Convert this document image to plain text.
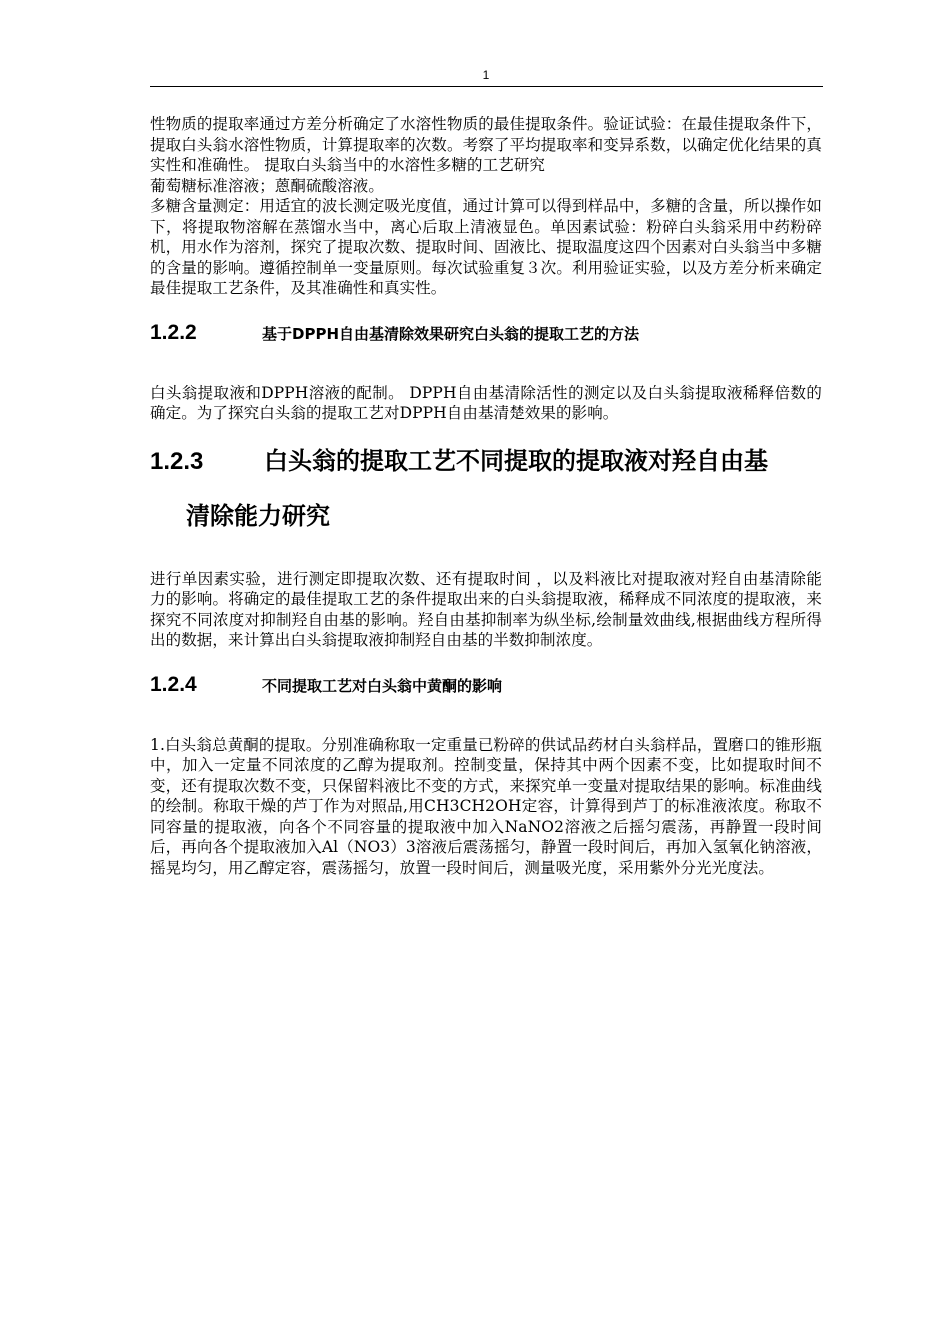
1

性物质的提取率通过方差分析确定了水溶性物质的最佳提取条件。验证试验：在最佳提取条件下，提取白头翁水溶性物质，计算提取率的次数。考察了平均提取率和变异系数，以确定优化结果的真实性和准确性。 提取白头翁当中的水溶性多糖的工艺研究

葡萄糖标准溶液；蒽酮硫酸溶液。

多糖含量测定：用适宜的波长测定吸光度值，通过计算可以得到样品中，多糖的含量，所以操作如下，将提取物溶解在蒸馏水当中，离心后取上清液显色。单因素试验：粉碎白头翁采用中药粉碎机，用水作为溶剂，探究了提取次数、提取时间、固液比、提取温度这四个因素对白头翁当中多糖的含量的影响。遵循控制单一变量原则。每次试验重复３次。利用验证实验，以及方差分析来确定最佳提取工艺条件，及其准确性和真实性。

1.2.2	基于DPPH自由基清除效果研究白头翁的提取工艺的方法

白头翁提取液和DPPH溶液的配制。 DPPH自由基清除活性的测定以及白头翁提取液稀释倍数的确定。为了探究白头翁的提取工艺对DPPH自由基清楚效果的影响。

1.2.3	白头翁的提取工艺不同提取的提取液对羟自由基
清除能力研究

进行单因素实验，进行测定即提取次数、还有提取时间 ，以及料液比对提取液对羟自由基清除能力的影响。将确定的最佳提取工艺的条件提取出来的白头翁提取液，稀释成不同浓度的提取液，来探究不同浓度对抑制羟自由基的影响。羟自由基抑制率为纵坐标,绘制量效曲线,根据曲线方程所得出的数据，来计算出白头翁提取液抑制羟自由基的半数抑制浓度。

1.2.4	不同提取工艺对白头翁中黄酮的影响

1.白头翁总黄酮的提取。分别准确称取一定重量已粉碎的供试品药材白头翁样品，置磨口的锥形瓶中，加入一定量不同浓度的乙醇为提取剂。控制变量，保持其中两个因素不变，比如提取时间不变，还有提取次数不变，只保留料液比不变的方式，来探究单一变量对提取结果的影响。标准曲线的绘制。称取干燥的芦丁作为对照品,用CH3CH2OH定容，计算得到芦丁的标准液浓度。称取不同容量的提取液，向各个不同容量的提取液中加入NaNO2溶液之后摇匀震荡，再静置一段时间后，再向各个提取液加入Al（NO3）3溶液后震荡摇匀，静置一段时间后，再加入氢氧化钠溶液，摇晃均匀，用乙醇定容，震荡摇匀，放置一段时间后，测量吸光度，采用紫外分光光度法。
